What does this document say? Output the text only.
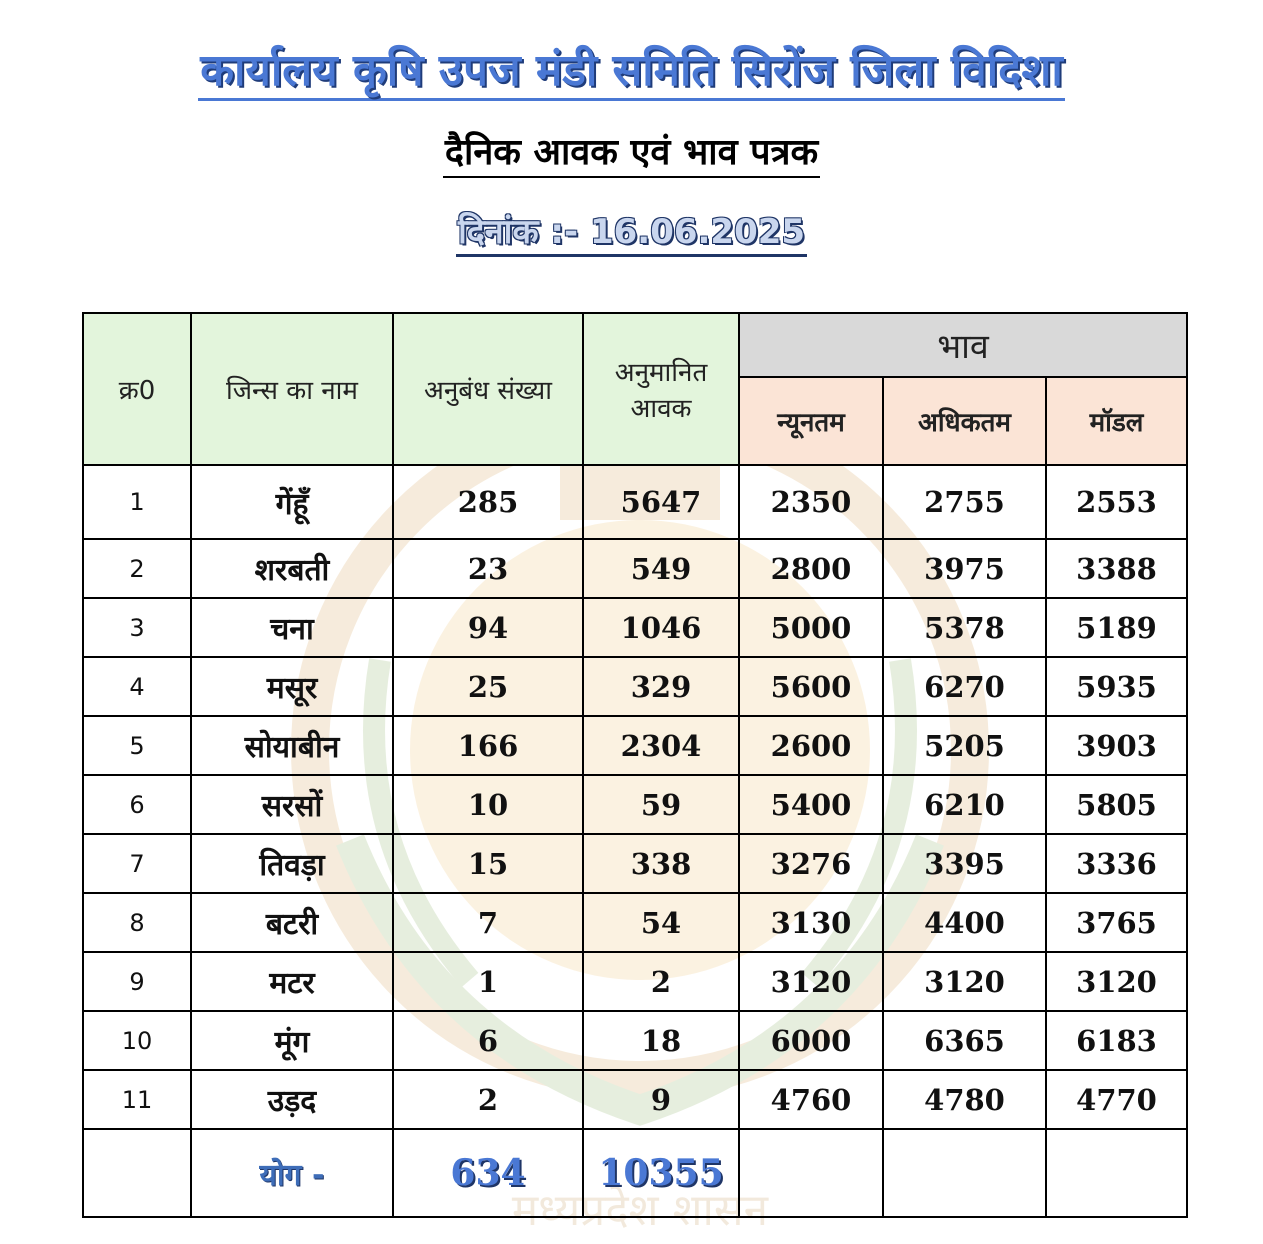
मध्यप्रदेश शासन
कार्यालय कृषि उपज मंडी समिति सिरोंज जिला विदिशा
दैनिक आवक एवं भाव पत्रक
दिनांक :- 16.06.2025
क्र0	जिन्स का नाम	अनुबंध संख्या	अनुमानित आवक	भाव		
				न्यूनतम	अधिकतम	मॉडल
1	गेंहूँ	285	5647	2350	2755	2553
2	शरबती	23	549	2800	3975	3388
3	चना	94	1046	5000	5378	5189
4	मसूर	25	329	5600	6270	5935
5	सोयाबीन	166	2304	2600	5205	3903
6	सरसों	10	59	5400	6210	5805
7	तिवड़ा	15	338	3276	3395	3336
8	बटरी	7	54	3130	4400	3765
9	मटर	1	2	3120	3120	3120
10	मूंग	6	18	6000	6365	6183
11	उड़द	2	9	4760	4780	4770
	योग -	634	10355			
